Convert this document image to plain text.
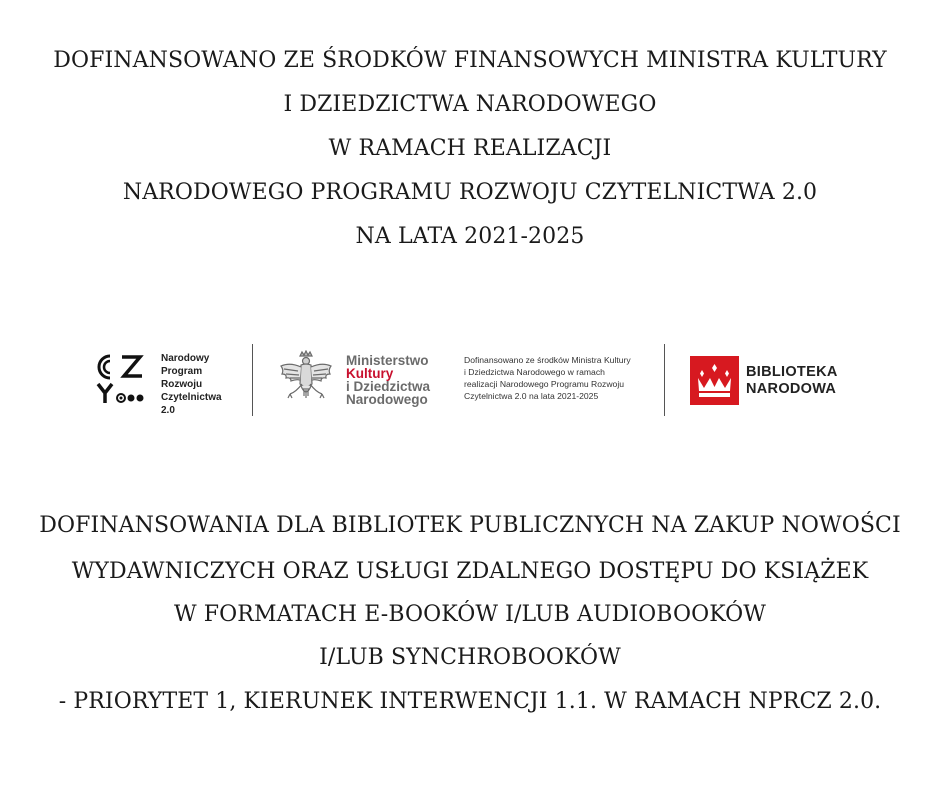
DOFINANSOWANO ZE ŚRODKÓW FINANSOWYCH MINISTRA KULTURY
I DZIEDZICTWA NARODOWEGO
W RAMACH REALIZACJI
NARODOWEGO PROGRAMU ROZWOJU CZYTELNICTWA 2.0
NA LATA 2021-2025
Narodowy
Program
Rozwoju
Czytelnictwa
2.0
Ministerstwo
Kultury
i Dziedzictwa
Narodowego
Dofinansowano ze środków Ministra Kultury
i Dziedzictwa Narodowego w ramach
realizacji Narodowego Programu Rozwoju
Czytelnictwa 2.0 na lata 2021-2025
BIBLIOTEKA
NARODOWA
DOFINANSOWANIA DLA BIBLIOTEK PUBLICZNYCH NA ZAKUP NOWOŚCI
WYDAWNICZYCH ORAZ USŁUGI ZDALNEGO DOSTĘPU DO KSIĄŻEK
W FORMATACH E-BOOKÓW I/LUB AUDIOBOOKÓW
I/LUB SYNCHROBOOKÓW
- PRIORYTET 1, KIERUNEK INTERWENCJI 1.1. W RAMACH NPRCZ 2.0.
